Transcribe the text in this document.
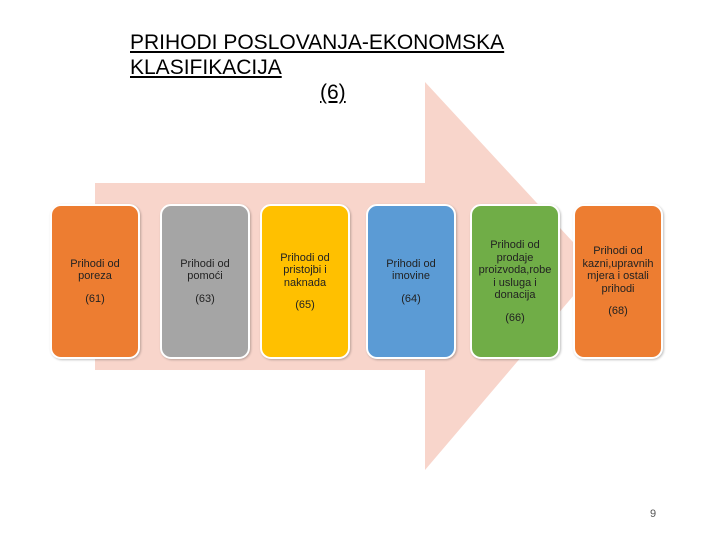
PRIHODI POSLOVANJA-EKONOMSKA KLASIFIKACIJA
(6)
Prihodi od poreza
(61)
Prihodi od pomoći
(63)
Prihodi od pristojbi i naknada
(65)
Prihodi od imovine
(64)
Prihodi od prodaje proizvoda,robe i usluga i donacija
(66)
Prihodi od kazni,upravnih mjera i ostali prihodi
(68)
9
